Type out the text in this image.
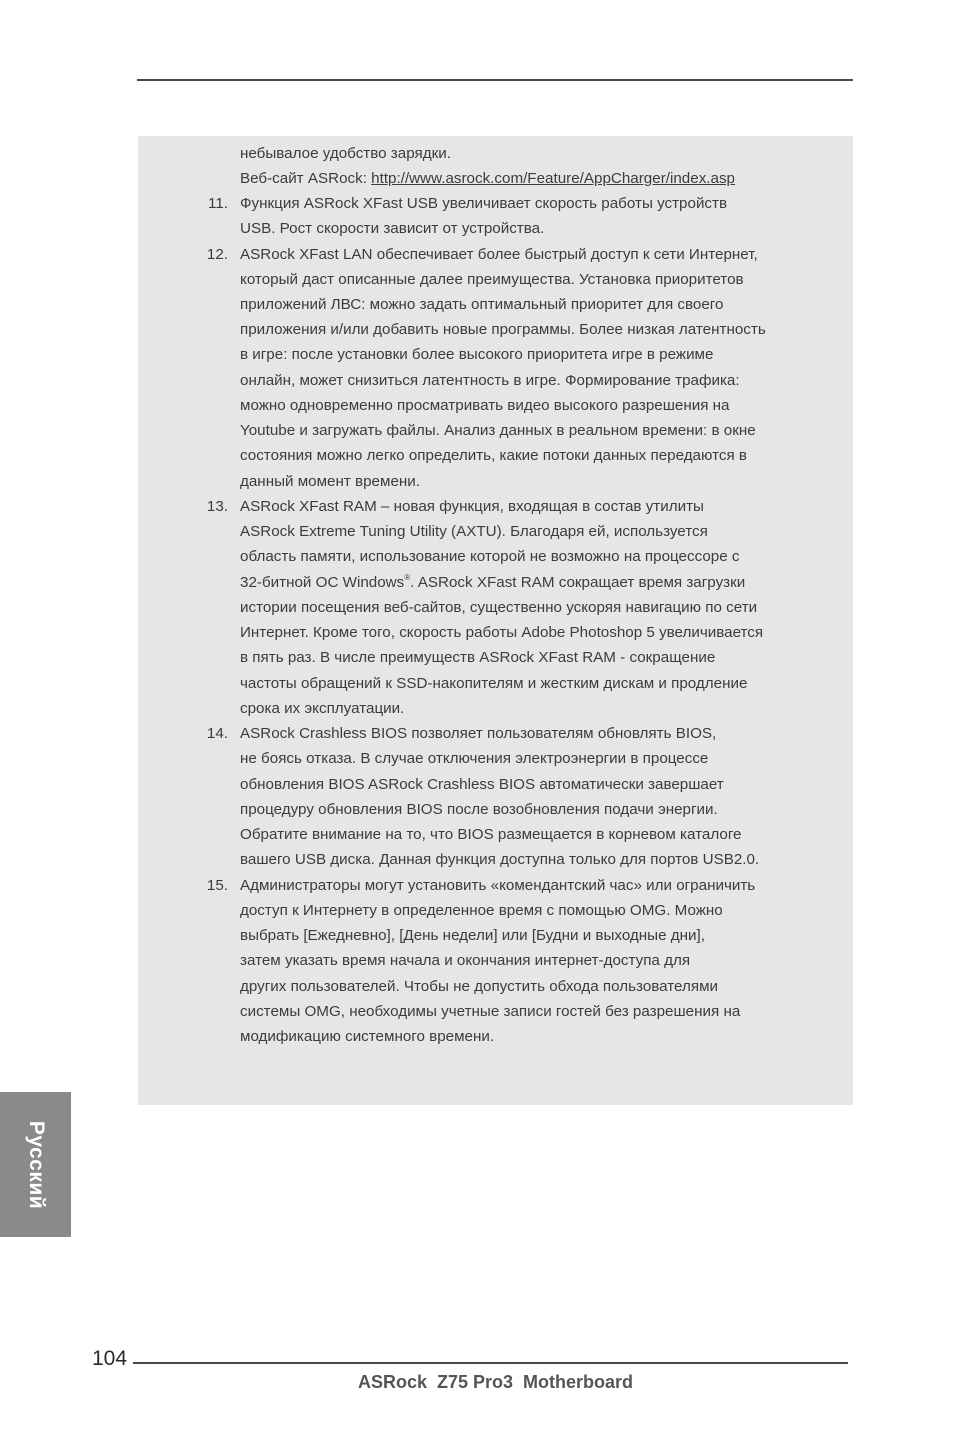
небывалое удобство зарядки.
Веб-сайт ASRock: http://www.asrock.com/Feature/AppCharger/index.asp
11. Функция ASRock XFast USB увеличивает скорость работы устройств
USB. Рост скорости зависит от устройства.
12. ASRock XFast LAN обеспечивает более быстрый доступ к сети Интернет,
который даст описанные далее преимущества. Установка приоритетов
приложений ЛВС: можно задать оптимальный приоритет для своего
приложения и/или добавить новые программы. Более низкая латентность
в игре: после установки более высокого приоритета игре в режиме
онлайн, может снизиться латентность в игре. Формирование трафика:
можно одновременно просматривать видео высокого разрешения на
Youtube и загружать файлы. Анализ данных в реальном времени: в окне
состояния можно легко определить, какие потоки данных передаются в
данный момент времени.
13. ASRock XFast RAM – новая функция, входящая в состав утилиты
ASRock Extreme Tuning Utility (AXTU). Благодаря ей, используется
область памяти, использование которой не возможно на процессоре с
32-битной ОС Windows®. ASRock XFast RAM сокращает время загрузки
истории посещения веб-сайтов, существенно ускоряя навигацию по сети
Интернет. Кроме того, скорость работы Adobe Photoshop 5 увеличивается
в пять раз. В числе преимуществ ASRock XFast RAM - сокращение
частоты обращений к SSD-накопителям и жестким дискам и продление
срока их эксплуатации.
14. ASRock Crashless BIOS позволяет пользователям обновлять BIOS,
не боясь отказа. В случае отключения электроэнергии в процессе
обновления BIOS ASRock Crashless BIOS автоматически завершает
процедуру обновления BIOS после возобновления подачи энергии.
Обратите внимание на то, что BIOS размещается в корневом каталоге
вашего USB диска. Данная функция доступна только для портов USB2.0.
15. Администраторы могут установить «комендантский час» или ограничить
доступ к Интернету в определенное время с помощью OMG. Можно
выбрать [Ежедневно], [День недели] или [Будни и выходные дни],
затем указать время начала и окончания интернет-доступа для
других пользователей. Чтобы не допустить обхода пользователями
системы OMG, необходимы учетные записи гостей без разрешения на
модификацию системного времени.
Русский
104
ASRock  Z75 Pro3  Motherboard
